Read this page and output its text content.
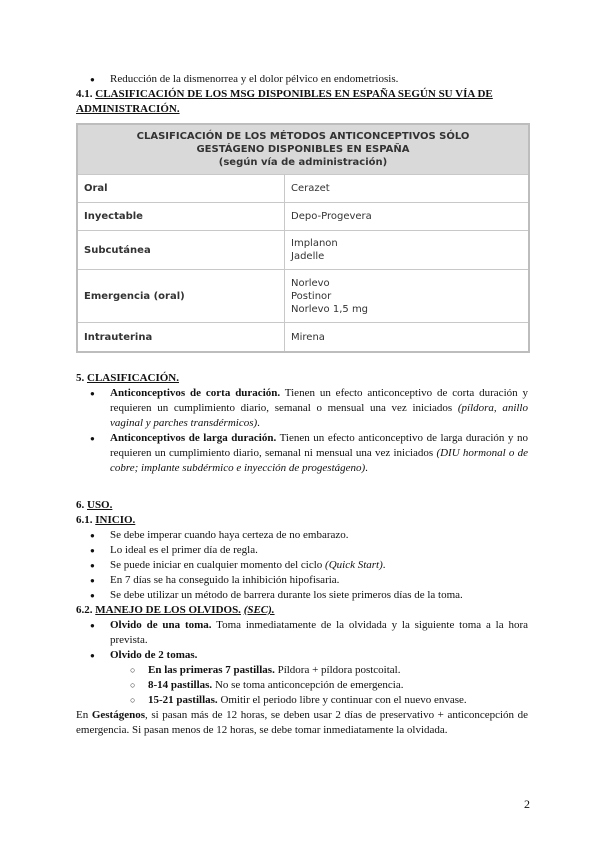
● Reducción de la dismenorrea y el dolor pélvico en endometriosis.
4.1. CLASIFICACIÓN DE LOS MSG DISPONIBLES EN ESPAÑA SEGÚN SU VÍA DE ADMINISTRACIÓN.
CLASIFICACIÓN DE LOS MÉTODOS ANTICONCEPTIVOS SÓLO
GESTÁGENO DISPONIBLES EN ESPAÑA
(según vía de administración)	

Oral	Cerazet

Inyectable	Depo-Progevera

Subcutánea	Implanon
Jadelle

Emergencia (oral)	Norlevo
Postinor
Norlevo 1,5 mg

Intrauterina	Mirena
5. CLASIFICACIÓN.
● Anticonceptivos de corta duración. Tienen un efecto anticonceptivo de corta duración y requieren un cumplimiento diario, semanal o mensual una vez iniciados (píldora, anillo vaginal y parches transdérmicos).
● Anticonceptivos de larga duración. Tienen un efecto anticonceptivo de larga duración y no requieren un cumplimiento diario, semanal ni mensual una vez iniciados (DIU hormonal o de cobre; implante subdérmico e inyección de progestágeno).
6. USO.
6.1. INICIO.
● Se debe imperar cuando haya certeza de no embarazo.
● Lo ideal es el primer día de regla.
● Se puede iniciar en cualquier momento del ciclo (Quick Start).
● En 7 días se ha conseguido la inhibición hipofisaria.
● Se debe utilizar un método de barrera durante los siete primeros días de la toma.
6.2. MANEJO DE LOS OLVIDOS. (SEC).
● Olvido de una toma. Toma inmediatamente de la olvidada y la siguiente toma a la hora prevista.
● Olvido de 2 tomas.
○ En las primeras 7 pastillas. Píldora + píldora postcoital.
○ 8-14 pastillas. No se toma anticoncepción de emergencia.
○ 15-21 pastillas. Omitir el periodo libre y continuar con el nuevo envase.

En Gestágenos, si pasan más de 12 horas, se deben usar 2 días de preservativo + anticoncepción de emergencia. Si pasan menos de 12 horas, se debe tomar inmediatamente la olvidada.

2
